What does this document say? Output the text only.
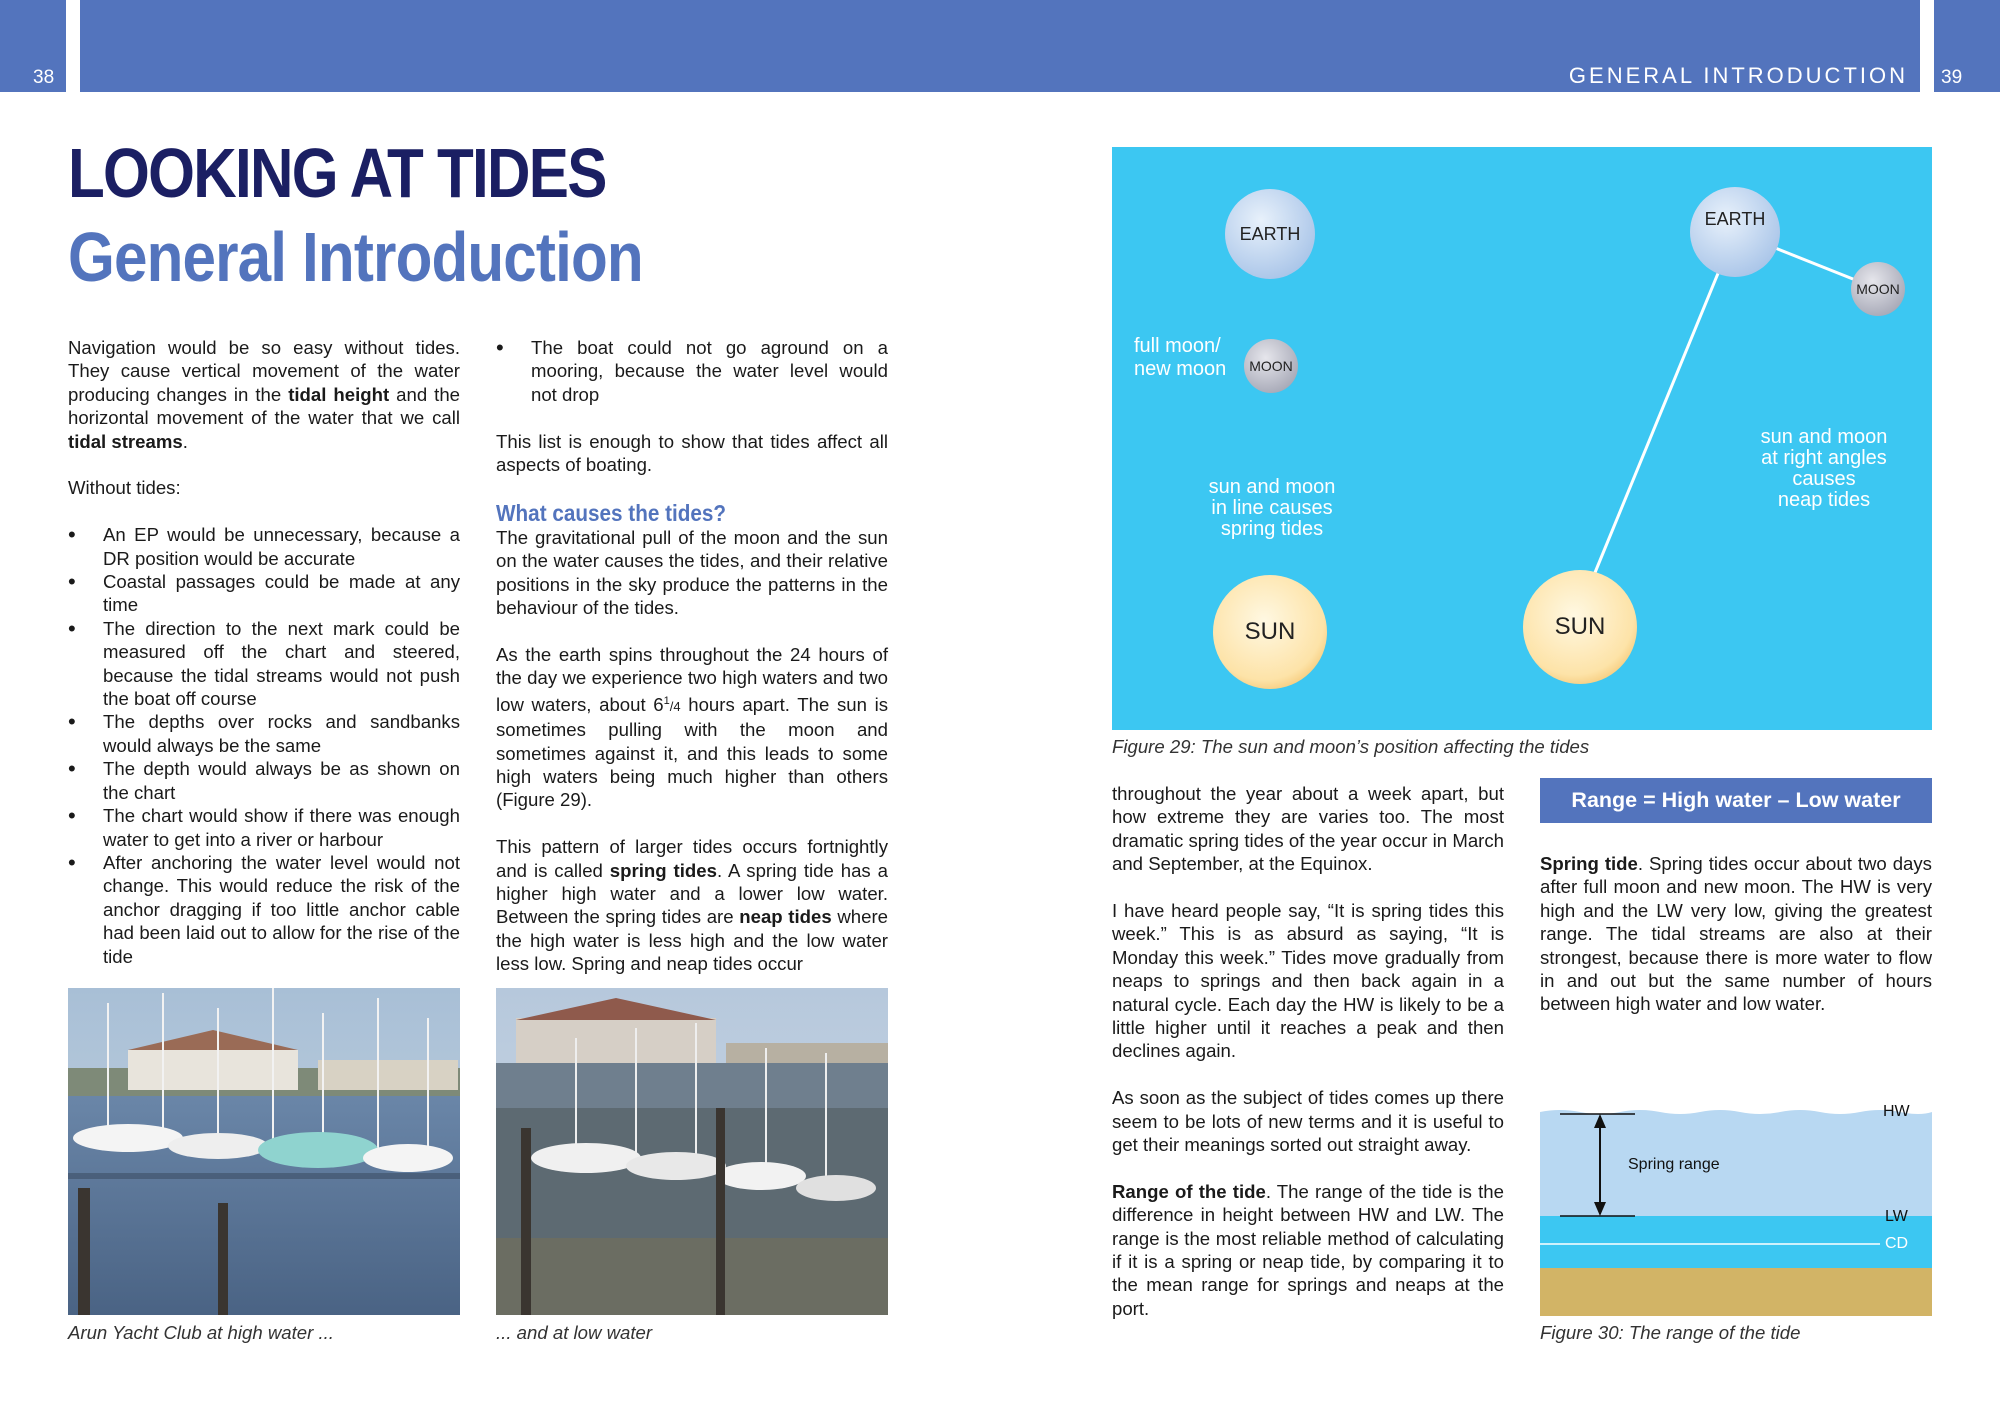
38	GENERAL INTRODUCTION 39
LOOKING AT TIDES
General Introduction

Navigation would be so easy without tides. They cause vertical movement of the water producing changes in the tidal height and the horizontal movement of the water that we call tidal streams.

Without tides:

• An EP would be unnecessary, because a DR position would be accurate
• Coastal passages could be made at any time
• The direction to the next mark could be measured off the chart and steered, because the tidal streams would not push the boat off course
• The depths over rocks and sandbanks would always be the same
• The depth would always be as shown on the chart
• The chart would show if there was enough water to get into a river or harbour
• After anchoring the water level would not change. This would reduce the risk of the anchor dragging if too little anchor cable had been laid out to allow for the rise of the tide
• The boat could not go aground on a mooring, because the water level would not drop

This list is enough to show that tides affect all aspects of boating.

What causes the tides?

The gravitational pull of the moon and the sun on the water causes the tides, and their relative positions in the sky produce the patterns in the behaviour of the tides.

As the earth spins throughout the 24 hours of the day we experience two high waters and two low waters, about $6^1/4$ hours apart. The sun is sometimes pulling with the moon and sometimes against it, and this leads to some high waters being much higher than others (Figure 29).

This pattern of larger tides occurs fortnightly and is called spring tides. A spring tide has a higher high water and a lower low water. Between the spring tides are neap tides where the high water is less high and the low water less low. Spring and neap tides occur

Arun Yacht Club at high water ...	... and at low water
EARTH
MOON
SUN
EARTH
MOON
SUN
full moon/
new moon
sun and moon
in line causes
spring tides
sun and moon
at right angles
causes
neap tides
Figure 29: The sun and moon’s position affecting the tides

throughout the year about a week apart, but how extreme they are varies too. The most dramatic spring tides of the year occur in March and September, at the Equinox.

I have heard people say, “It is spring tides this week.” This is as absurd as saying, “It is Monday this week.” Tides move gradually from neaps to springs and then back again in a natural cycle. Each day the HW is likely to be a little higher until it reaches a peak and then declines again.

As soon as the subject of tides comes up there seem to be lots of new terms and it is useful to get their meanings sorted out straight away.

Range of the tide. The range of the tide is the difference in height between HW and LW. The range is the most reliable method of calculating if it is a spring or neap tide, by comparing it to the mean range for springs and neaps at the port.

Range = High water – Low water

Spring tide. Spring tides occur about two days after full moon and new moon. The HW is very high and the LW very low, giving the greatest range. The tidal streams are also at their strongest, because there is more water to flow in and out but the same number of hours between high water and low water.

HW
Spring range
LW
CD
Figure 30: The range of the tide
